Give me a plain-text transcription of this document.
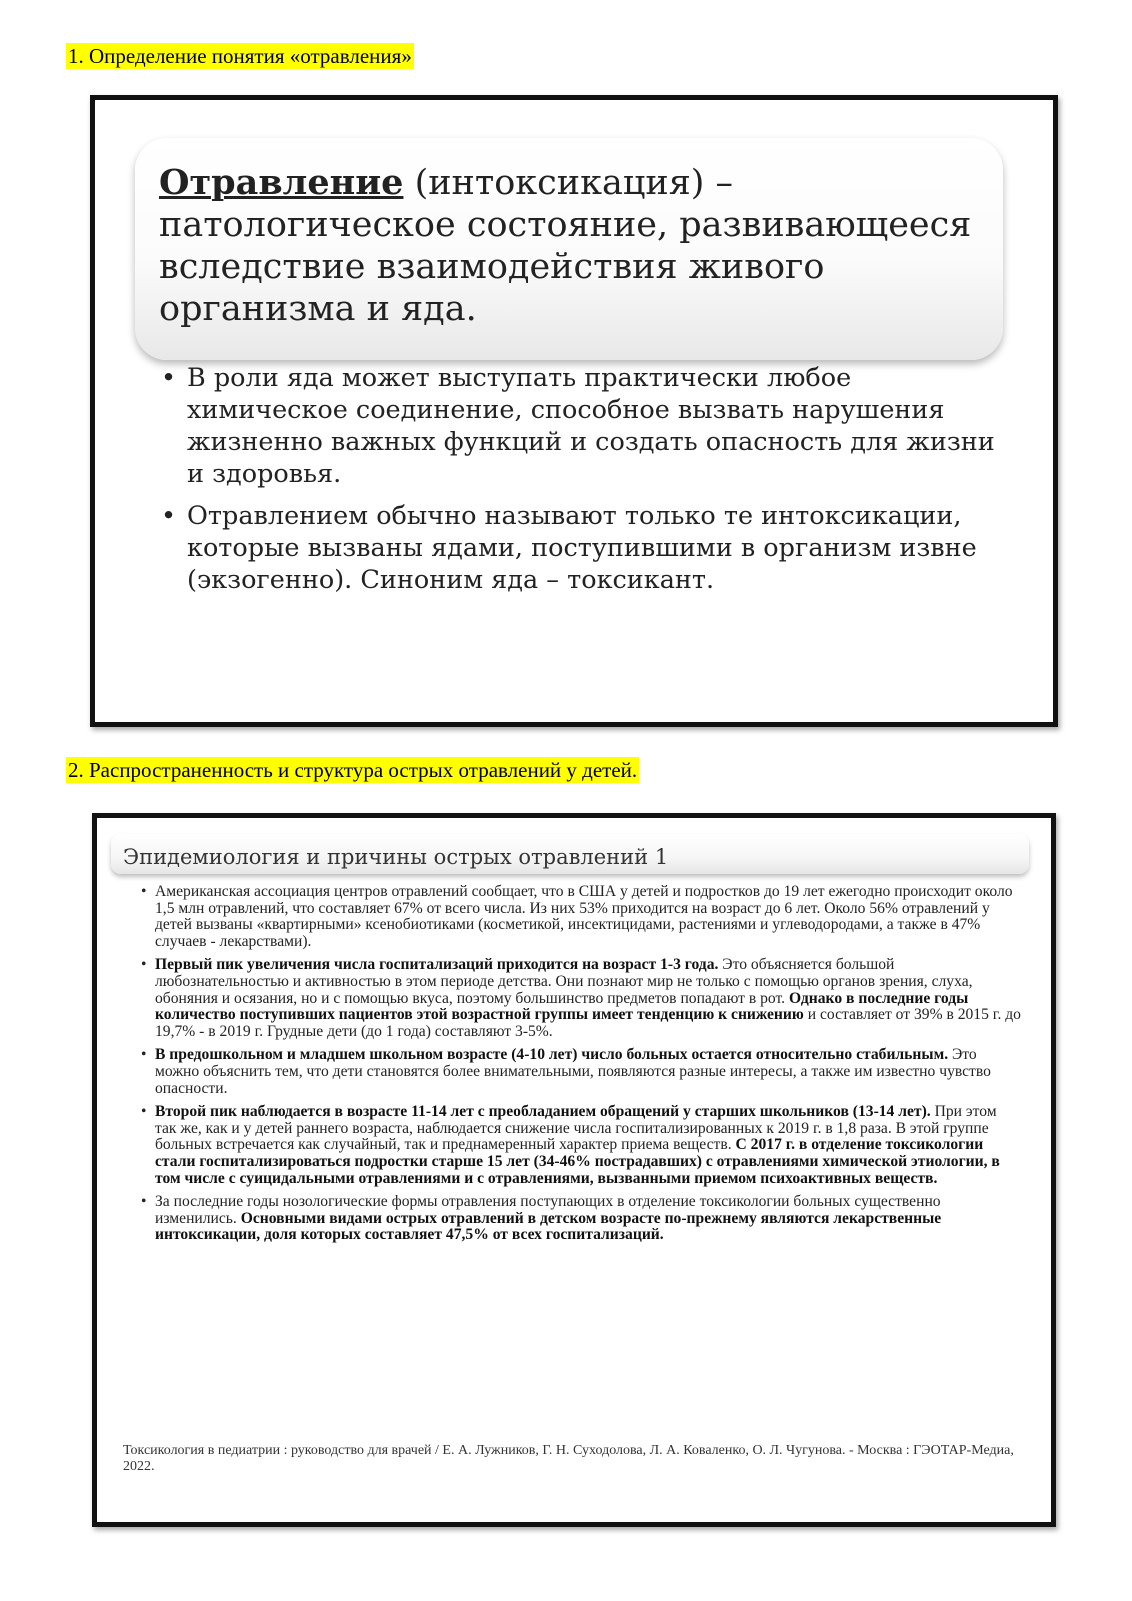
1. Определение понятия «отравления»
Отравление (интоксикация) – патологическое состояние, развивающееся вследствие взаимодействия живого организма и яда.
• В роли яда может выступать практически любое химическое соединение, способное вызвать нарушения жизненно важных функций и создать опасность для жизни и здоровья.
• Отравлением обычно называют только те интоксикации, которые вызваны ядами, поступившими в организм извне (экзогенно). Синоним яда – токсикант.
2. Распространенность и структура острых отравлений у детей.
Эпидемиология и причины острых отравлений 1
• Американская ассоциация центров отравлений сообщает, что в США у детей и подростков до 19 лет ежегодно происходит около 1,5 млн отравлений, что составляет 67% от всего числа. Из них 53% приходится на возраст до 6 лет. Около 56% отравлений у детей вызваны «квартирными» ксенобиотиками (косметикой, инсектицидами, растениями и углеводородами, а также в 47% случаев - лекарствами).
• Первый пик увеличения числа госпитализаций приходится на возраст 1-3 года. Это объясняется большой любознательностью и активностью в этом периоде детства. Они познают мир не только с помощью органов зрения, слуха, обоняния и осязания, но и с помощью вкуса, поэтому большинство предметов попадают в рот. Однако в последние годы количество поступивших пациентов этой возрастной группы имеет тенденцию к снижению и составляет от 39% в 2015 г. до 19,7% - в 2019 г. Грудные дети (до 1 года) составляют 3-5%.
• В предошкольном и младшем школьном возрасте (4-10 лет) число больных остается относительно стабильным. Это можно объяснить тем, что дети становятся более внимательными, появляются разные интересы, а также им известно чувство опасности.
• Второй пик наблюдается в возрасте 11-14 лет с преобладанием обращений у старших школьников (13-14 лет). При этом так же, как и у детей раннего возраста, наблюдается снижение числа госпитализированных к 2019 г. в 1,8 раза. В этой группе больных встречается как случайный, так и преднамеренный характер приема веществ. С 2017 г. в отделение токсикологии стали госпитализироваться подростки старше 15 лет (34-46% пострадавших) с отравлениями химической этиологии, в том числе с суицидальными отравлениями и с отравлениями, вызванными приемом психоактивных веществ.
• За последние годы нозологические формы отравления поступающих в отделение токсикологии больных существенно изменились. Основными видами острых отравлений в детском возрасте по-прежнему являются лекарственные интоксикации, доля которых составляет 47,5% от всех госпитализаций.
Токсикология в педиатрии : руководство для врачей / Е. А. Лужников, Г. Н. Суходолова, Л. А. Коваленко, О. Л. Чугунова. - Москва : ГЭОТАР-Медиа, 2022.
